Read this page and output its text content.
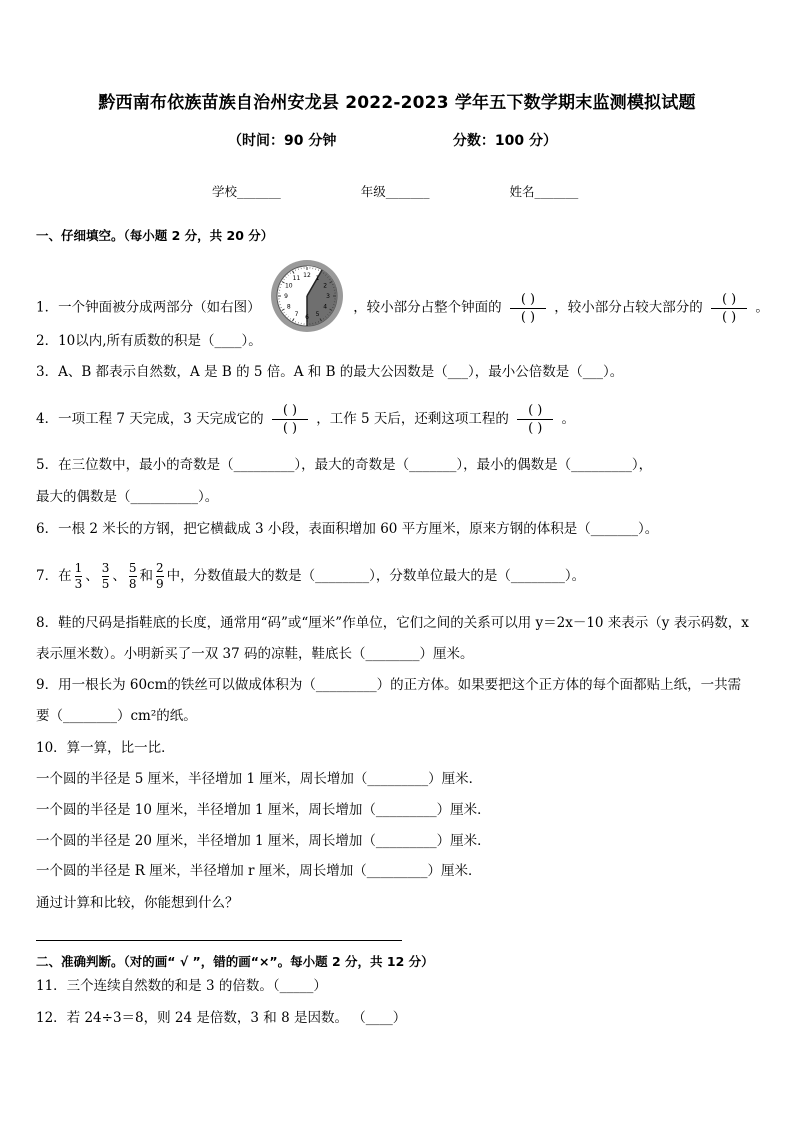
黔西南布依族苗族自治州安龙县 2022-2023 学年五下数学期末监测模拟试题
（时间：90 分钟	分数：100 分）
学校_______	年级_______	姓名_______
一、仔细填空。（每小题 2 分，共 20 分）
1．一个钟面被分成两部分（如右图）
12 1
2
3
4
5
6
7
8
9
10
11
，较小部分占整个钟面的
( )
( )
，较小部分占较大部分的
( )
( )
。
2．10以内,所有质数的积是（____）。
3．A、B 都表示自然数，A 是 B 的 5 倍。A 和 B 的最大公因数是（___），最小公倍数是（___）。
4．一项工程 7 天完成，3 天完成它的
( )
( )
，工作 5 天后，还剩这项工程的
( )
( )
。
5．在三位数中，最小的奇数是（_________），最大的奇数是（_______），最小的偶数是（_________），
最大的偶数是（__________）。
6．一根 2 米长的方钢，把它横截成 3 小段，表面积增加 60 平方厘米，原来方钢的体积是（_______）。
7．在 $\frac{1}{3}$ 、 $\frac{3}{5}$ 、 $\frac{5}{8}$ 和 $\frac{2}{9}$ 中，分数值最大的数是（________），分数单位最大的是（________）。
8．鞋的尺码是指鞋底的长度，通常用“码”或“厘米”作单位，它们之间的关系可以用 y＝2x－10 来表示（y 表示码数，x
表示厘米数）。小明新买了一双 37 码的凉鞋，鞋底长（________）厘米。
9．用一根长为 60cm的铁丝可以做成体积为（_________）的正方体。如果要把这个正方体的每个面都贴上纸，一共需
要（________）cm²的纸。
10．算一算，比一比．
一个圆的半径是 5 厘米，半径增加 1 厘米，周长增加（_________）厘米．
一个圆的半径是 10 厘米，半径增加 1 厘米，周长增加（_________）厘米．
一个圆的半径是 20 厘米，半径增加 1 厘米，周长增加（_________）厘米．
一个圆的半径是 R 厘米，半径增加 r 厘米，周长增加（_________）厘米．
通过计算和比较，你能想到什么？
二、准确判断。（对的画“ √ ”，错的画“×”。每小题 2 分，共 12 分）
11．三个连续自然数的和是 3 的倍数。（_____）
12．若 24÷3＝8，则 24 是倍数，3 和 8 是因数。 （____）
